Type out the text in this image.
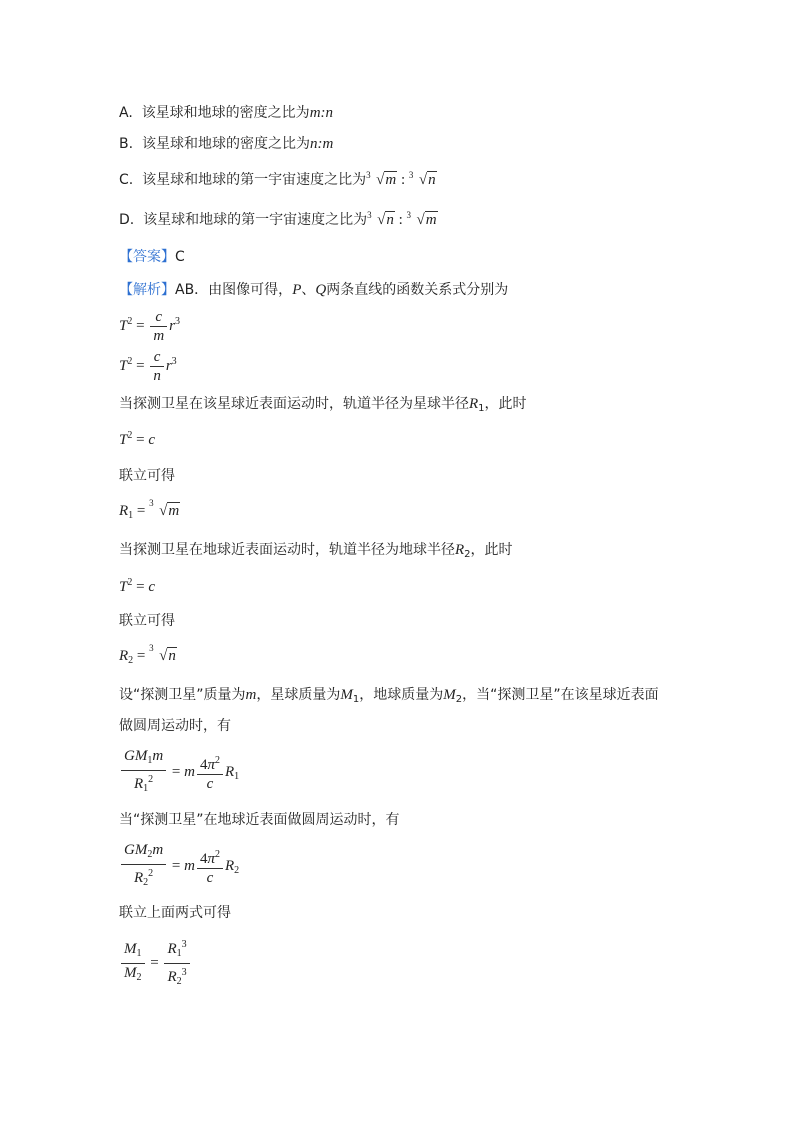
A. 该星球和地球的密度之比为m:n
B. 该星球和地球的密度之比为n:m
C. 该星球和地球的第一宇宙速度之比为 3 √m : 3 √n
D. 该星球和地球的第一宇宙速度之比为 3 √n : 3 √m
【答案】C
【解析】AB．由图像可得，P、Q两条直线的函数关系式分别为
$T^2 = \frac{c}{m} r^3$
$T^2 = \frac{c}{n} r^3$
当探测卫星在该星球近表面运动时，轨道半径为星球半径$R_1$，此时
$T^2 = c$
联立可得
$R_1 = 3$ √m
当探测卫星在地球近表面运动时，轨道半径为地球半径$R_2$，此时
$T^2 = c$
联立可得
$R_2 = 3$ √n
设“探测卫星”质量为m，星球质量为$M_1$，地球质量为$M_2$，当“探测卫星”在该星球近表面
做圆周运动时，有
$\frac{GM_1m}{R_1^2} = m \frac{4\pi^2}{c} R_1$
当“探测卫星”在地球近表面做圆周运动时，有
$\frac{GM_2m}{R_2^2} = m \frac{4\pi^2}{c} R_2$
联立上面两式可得
$\frac{M_1}{M_2} = \frac{R_1^3}{R_2^3}$
